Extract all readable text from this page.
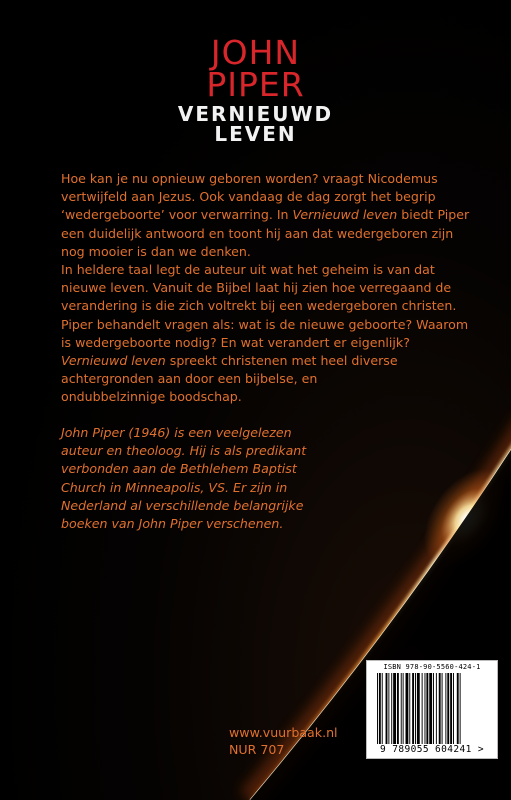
JOHN
PIPER
VERNIEUWD
LEVEN

Hoe kan je nu opnieuw geboren worden? vraagt Nicodemus vertwijfeld aan Jezus. Ook vandaag de dag zorgt het begrip ‘wedergeboorte’ voor verwarring. In Vernieuwd leven biedt Piper een duidelijk antwoord en toont hij aan dat wedergeboren zijn nog mooier is dan we denken.

In heldere taal legt de auteur uit wat het geheim is van dat nieuwe leven. Vanuit de Bijbel laat hij zien hoe verregaand de verandering is die zich voltrekt bij een wedergeboren christen. Piper behandelt vragen als: wat is de nieuwe geboorte? Waarom is wedergeboorte nodig? En wat verandert er eigenlijk?

Vernieuwd leven spreekt christenen met heel diverse achtergronden aan door een bijbelse, en ondubbelzinnige boodschap.

John Piper (1946) is een veelgelezen auteur en theoloog. Hij is als predikant verbonden aan de Bethlehem Baptist Church in Minneapolis, VS. Er zijn in Nederland al verschillende belangrijke boeken van John Piper verschenen.

www.vuurbaak.nl
NUR 707
ISBN 978-90-5560-424-1
9 789055 604241 >
